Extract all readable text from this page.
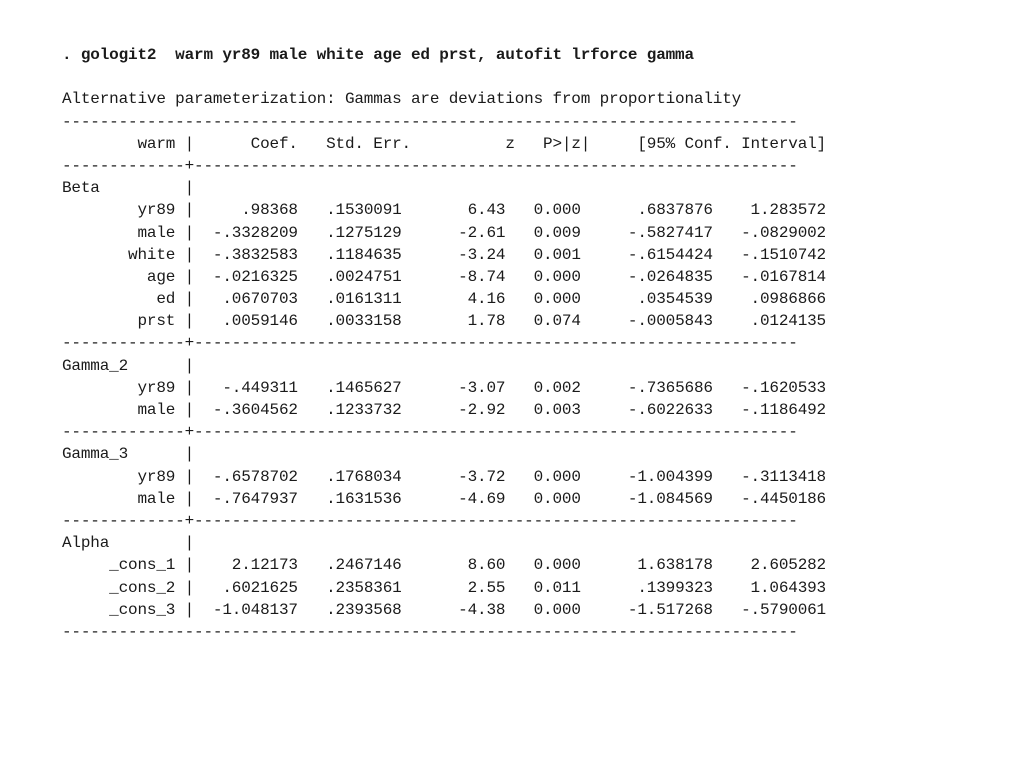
. gologit2  warm yr89 male white age ed prst, autofit lrforce gamma
Alternative parameterization: Gammas are deviations from proportionality
------------------------------------------------------------------------------
warm |      Coef.   Std. Err.          z   P>|z|     [95% Conf. Interval]
-------------+----------------------------------------------------------------
Beta         |
yr89 |     .98368   .1530091       6.43   0.000      .6837876    1.283572
male |  -.3328209   .1275129      -2.61   0.009     -.5827417   -.0829002
white |  -.3832583   .1184635      -3.24   0.001     -.6154424   -.1510742
age |  -.0216325   .0024751      -8.74   0.000     -.0264835   -.0167814
ed |   .0670703   .0161311       4.16   0.000      .0354539    .0986866
prst |   .0059146   .0033158       1.78   0.074     -.0005843    .0124135
-------------+----------------------------------------------------------------
Gamma_2      |
yr89 |   -.449311   .1465627      -3.07   0.002     -.7365686   -.1620533
male |  -.3604562   .1233732      -2.92   0.003     -.6022633   -.1186492
-------------+----------------------------------------------------------------
Gamma_3      |
yr89 |  -.6578702   .1768034      -3.72   0.000     -1.004399   -.3113418
male |  -.7647937   .1631536      -4.69   0.000     -1.084569   -.4450186
-------------+----------------------------------------------------------------
Alpha        |
_cons_1 |    2.12173   .2467146       8.60   0.000      1.638178    2.605282
_cons_2 |   .6021625   .2358361       2.55   0.011      .1399323    1.064393
_cons_3 |  -1.048137   .2393568      -4.38   0.000     -1.517268   -.5790061
------------------------------------------------------------------------------
